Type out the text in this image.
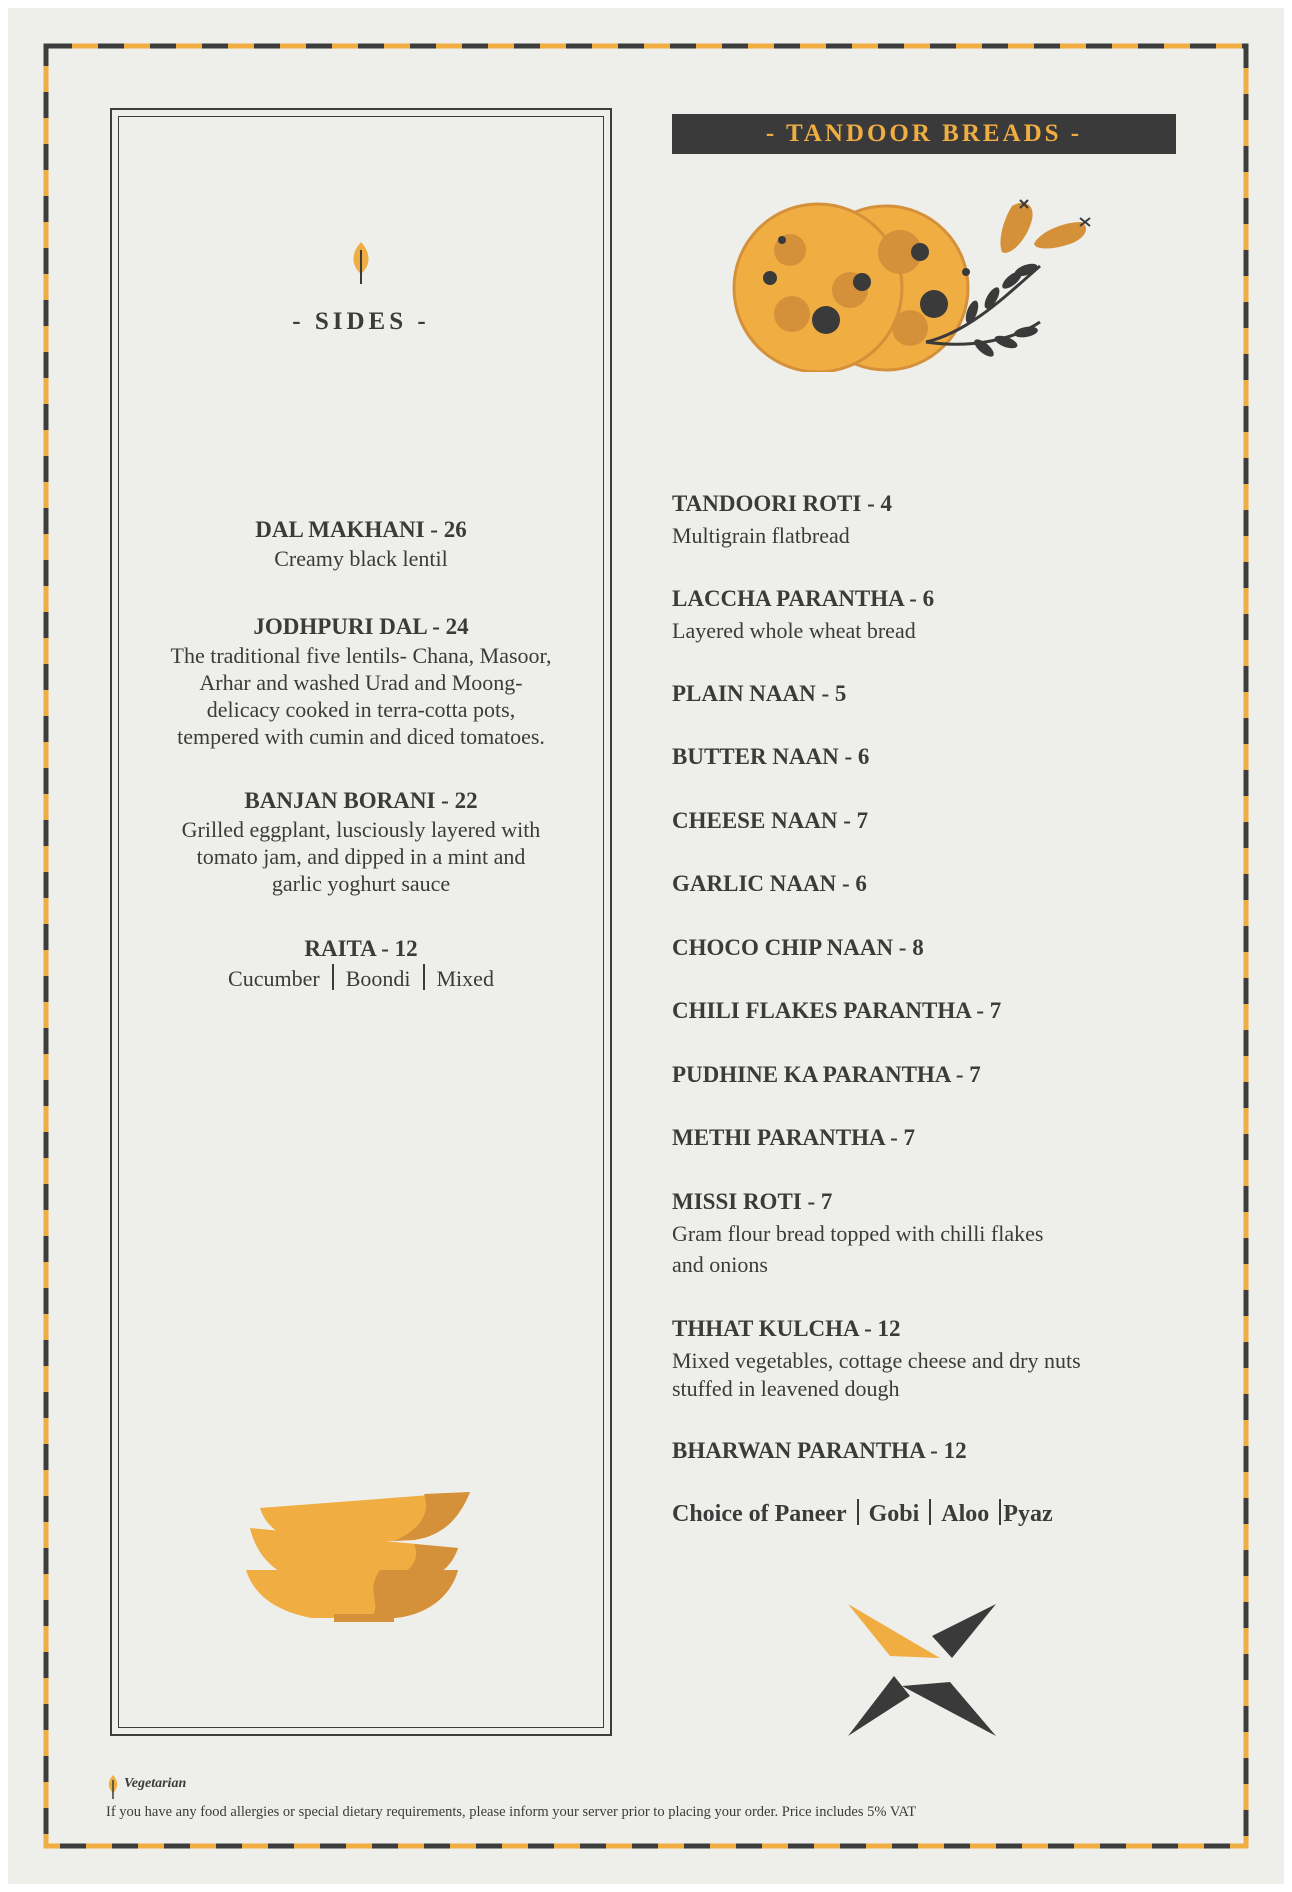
- SIDES -
DAL MAKHANI - 26
Creamy black lentil
JODHPURI DAL - 24
The traditional five lentils- Chana, Masoor,
Arhar and washed Urad and Moong-
delicacy cooked in terra-cotta pots,
tempered with cumin and diced tomatoes.
BANJAN BORANI - 22
Grilled eggplant, lusciously layered with
tomato jam, and dipped in a mint and
garlic yoghurt sauce
RAITA - 12
Cucumber Boondi Mixed
- TANDOOR BREADS -
TANDOORI ROTI - 4
Multigrain flatbread
LACCHA PARANTHA - 6
Layered whole wheat bread
PLAIN NAAN - 5
BUTTER NAAN - 6
CHEESE NAAN - 7
GARLIC NAAN - 6
CHOCO CHIP NAAN - 8
CHILI FLAKES PARANTHA - 7
PUDHINE KA PARANTHA - 7
METHI PARANTHA - 7
MISSI ROTI - 7
Gram flour bread topped with chilli flakes
and onions
THHAT KULCHA - 12
Mixed vegetables, cottage cheese and dry nuts
stuffed in leavened dough
BHARWAN PARANTHA - 12
Choice of Paneer Gobi Aloo Pyaz
Vegetarian
If you have any food allergies or special dietary requirements, please inform your server prior to placing your order. Price includes 5% VAT
